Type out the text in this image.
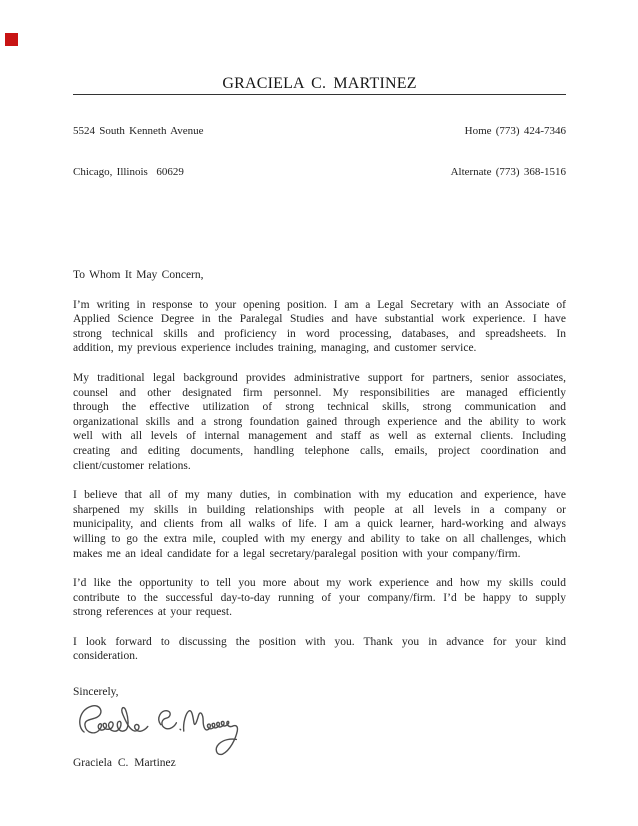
GRACIELA C. MARTINEZ

5524 South Kenneth Avenue

Chicago, Illinois  60629

Home (773) 424-7346

Alternate (773) 368-1516

To Whom It May Concern,
I’m writing in response to your opening position. I am a Legal Secretary with an Associate of
Applied Science Degree in the Paralegal Studies and have substantial work experience. I have
strong technical skills and proficiency in word processing, databases, and spreadsheets. In
addition, my previous experience includes training, managing, and customer service.
My traditional legal background provides administrative support for partners, senior associates,
counsel and other designated firm personnel. My responsibilities are managed efficiently
through the effective utilization of strong technical skills, strong communication and
organizational skills and a strong foundation gained through experience and the ability to work
well with all levels of internal management and staff as well as external clients. Including
creating and editing documents, handling telephone calls, emails, project coordination and
client/customer relations.
I believe that all of my many duties, in combination with my education and experience, have
sharpened my skills in building relationships with people at all levels in a company or
municipality, and clients from all walks of life. I am a quick learner, hard-working and always
willing to go the extra mile, coupled with my energy and ability to take on all challenges, which
makes me an ideal candidate for a legal secretary/paralegal position with your company/firm.
I’d like the opportunity to tell you more about my work experience and how my skills could
contribute to the successful day-to-day running of your company/firm. I’d be happy to supply
strong references at your request.
I look forward to discussing the position with you. Thank you in advance for your kind
consideration.
Sincerely,
Graciela C. Martinez
